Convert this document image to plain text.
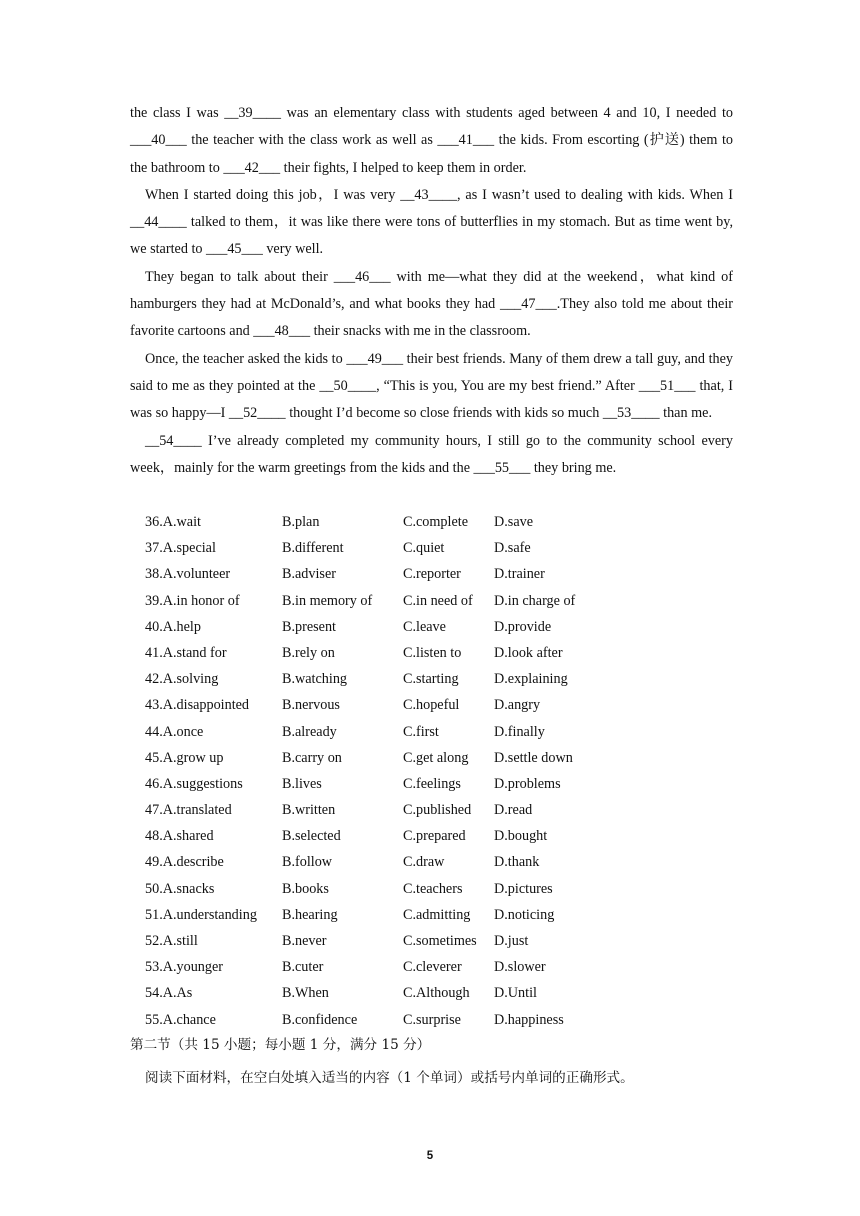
the class I was __39____ was an elementary class with students aged between 4 and 10, I needed to ___40___ the teacher with the class work as well as ___41___ the kids. From escorting (护送) them to the bathroom to ___42___ their fights, I helped to keep them in order.

When I started doing this job，I was very __43____, as I wasn’t used to dealing with kids. When I __44____ talked to them，it was like there were tons of butterflies in my stomach. But as time went by, we started to ___45___ very well.

They began to talk about their ___46___ with me—what they did at the weekend，what kind of hamburgers they had at McDonald’s, and what books they had ___47___.They also told me about their favorite cartoons and ___48___ their snacks with me in the classroom.

Once, the teacher asked the kids to ___49___ their best friends. Many of them drew a tall guy, and they said to me as they pointed at the __50____, “This is you, You are my best friend.” After ___51___ that, I was so happy—I __52____ thought I’d become so close friends with kids so much __53____ than me.

__54____ I’ve already completed my community hours, I still go to the community school every week，mainly for the warm greetings from the kids and the ___55___ they bring me.

36.A.wait	B.plan	C.complete D.save
37.A.special	B.different	C.quiet	D.safe
38.A.volunteer	B.adviser	C.reporter D.trainer
39.A.in honor of	B.in memory of C.in need of D.in charge of
40.A.help	B.present	C.leave	D.provide
41.A.stand for	B.rely on	C.listen to D.look after
42.A.solving	B.watching	C.starting D.explaining
43.A.disappointed B.nervous	C.hopeful D.angry
44.A.once	B.already	C.first	D.finally
45.A.grow up	B.carry on	C.get along D.settle down
46.A.suggestions	B.lives	C.feelings D.problems
47.A.translated	B.written	C.published D.read
48.A.shared	B.selected	C.prepared D.bought
49.A.describe	B.follow	C.draw	D.thank
50.A.snacks	B.books	C.teachers D.pictures
51.A.understanding B.hearing	C.admitting D.noticing
52.A.still	B.never	C.sometimes D.just
53.A.younger	B.cuter	C.cleverer D.slower
54.A.As	B.When	C.Although D.Until
55.A.chance	B.confidence	C.surprise D.happiness
第二节（共 15 小题；每小题 1 分，满分 15 分）
阅读下面材料，在空白处填入适当的内容（1 个单词）或括号内单词的正确形式。
5
